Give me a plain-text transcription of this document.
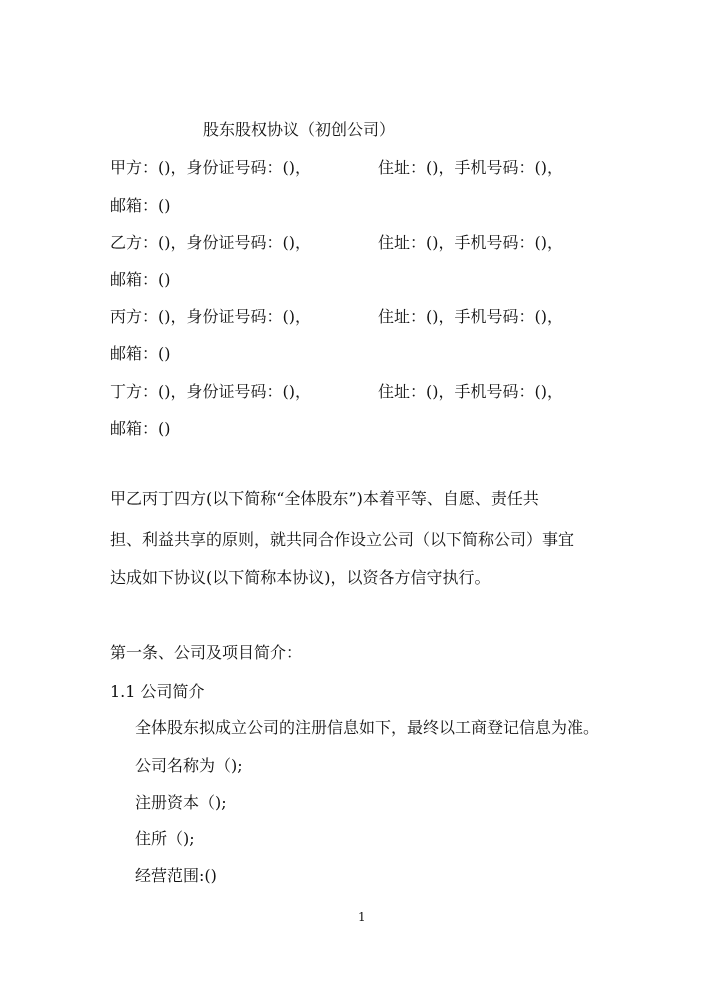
股东股权协议（初创公司）
甲方：()，身份证号码：()，	住址：()，手机号码：()，
邮箱：()
乙方：()，身份证号码：()，	住址：()，手机号码：()，
邮箱：()
丙方：()，身份证号码：()，	住址：()，手机号码：()，
邮箱：()
丁方：()，身份证号码：()，	住址：()，手机号码：()，
邮箱：()
甲乙丙丁四方(以下简称“全体股东”)本着平等、自愿、责任共
担、利益共享的原则，就共同合作设立公司（以下简称公司）事宜
达成如下协议(以下简称本协议)，以资各方信守执行。
第一条、公司及项目简介：
1.1 公司简介
全体股东拟成立公司的注册信息如下，最终以工商登记信息为准。
公司名称为（);
注册资本（);
住所（);
经营范围:()
1
